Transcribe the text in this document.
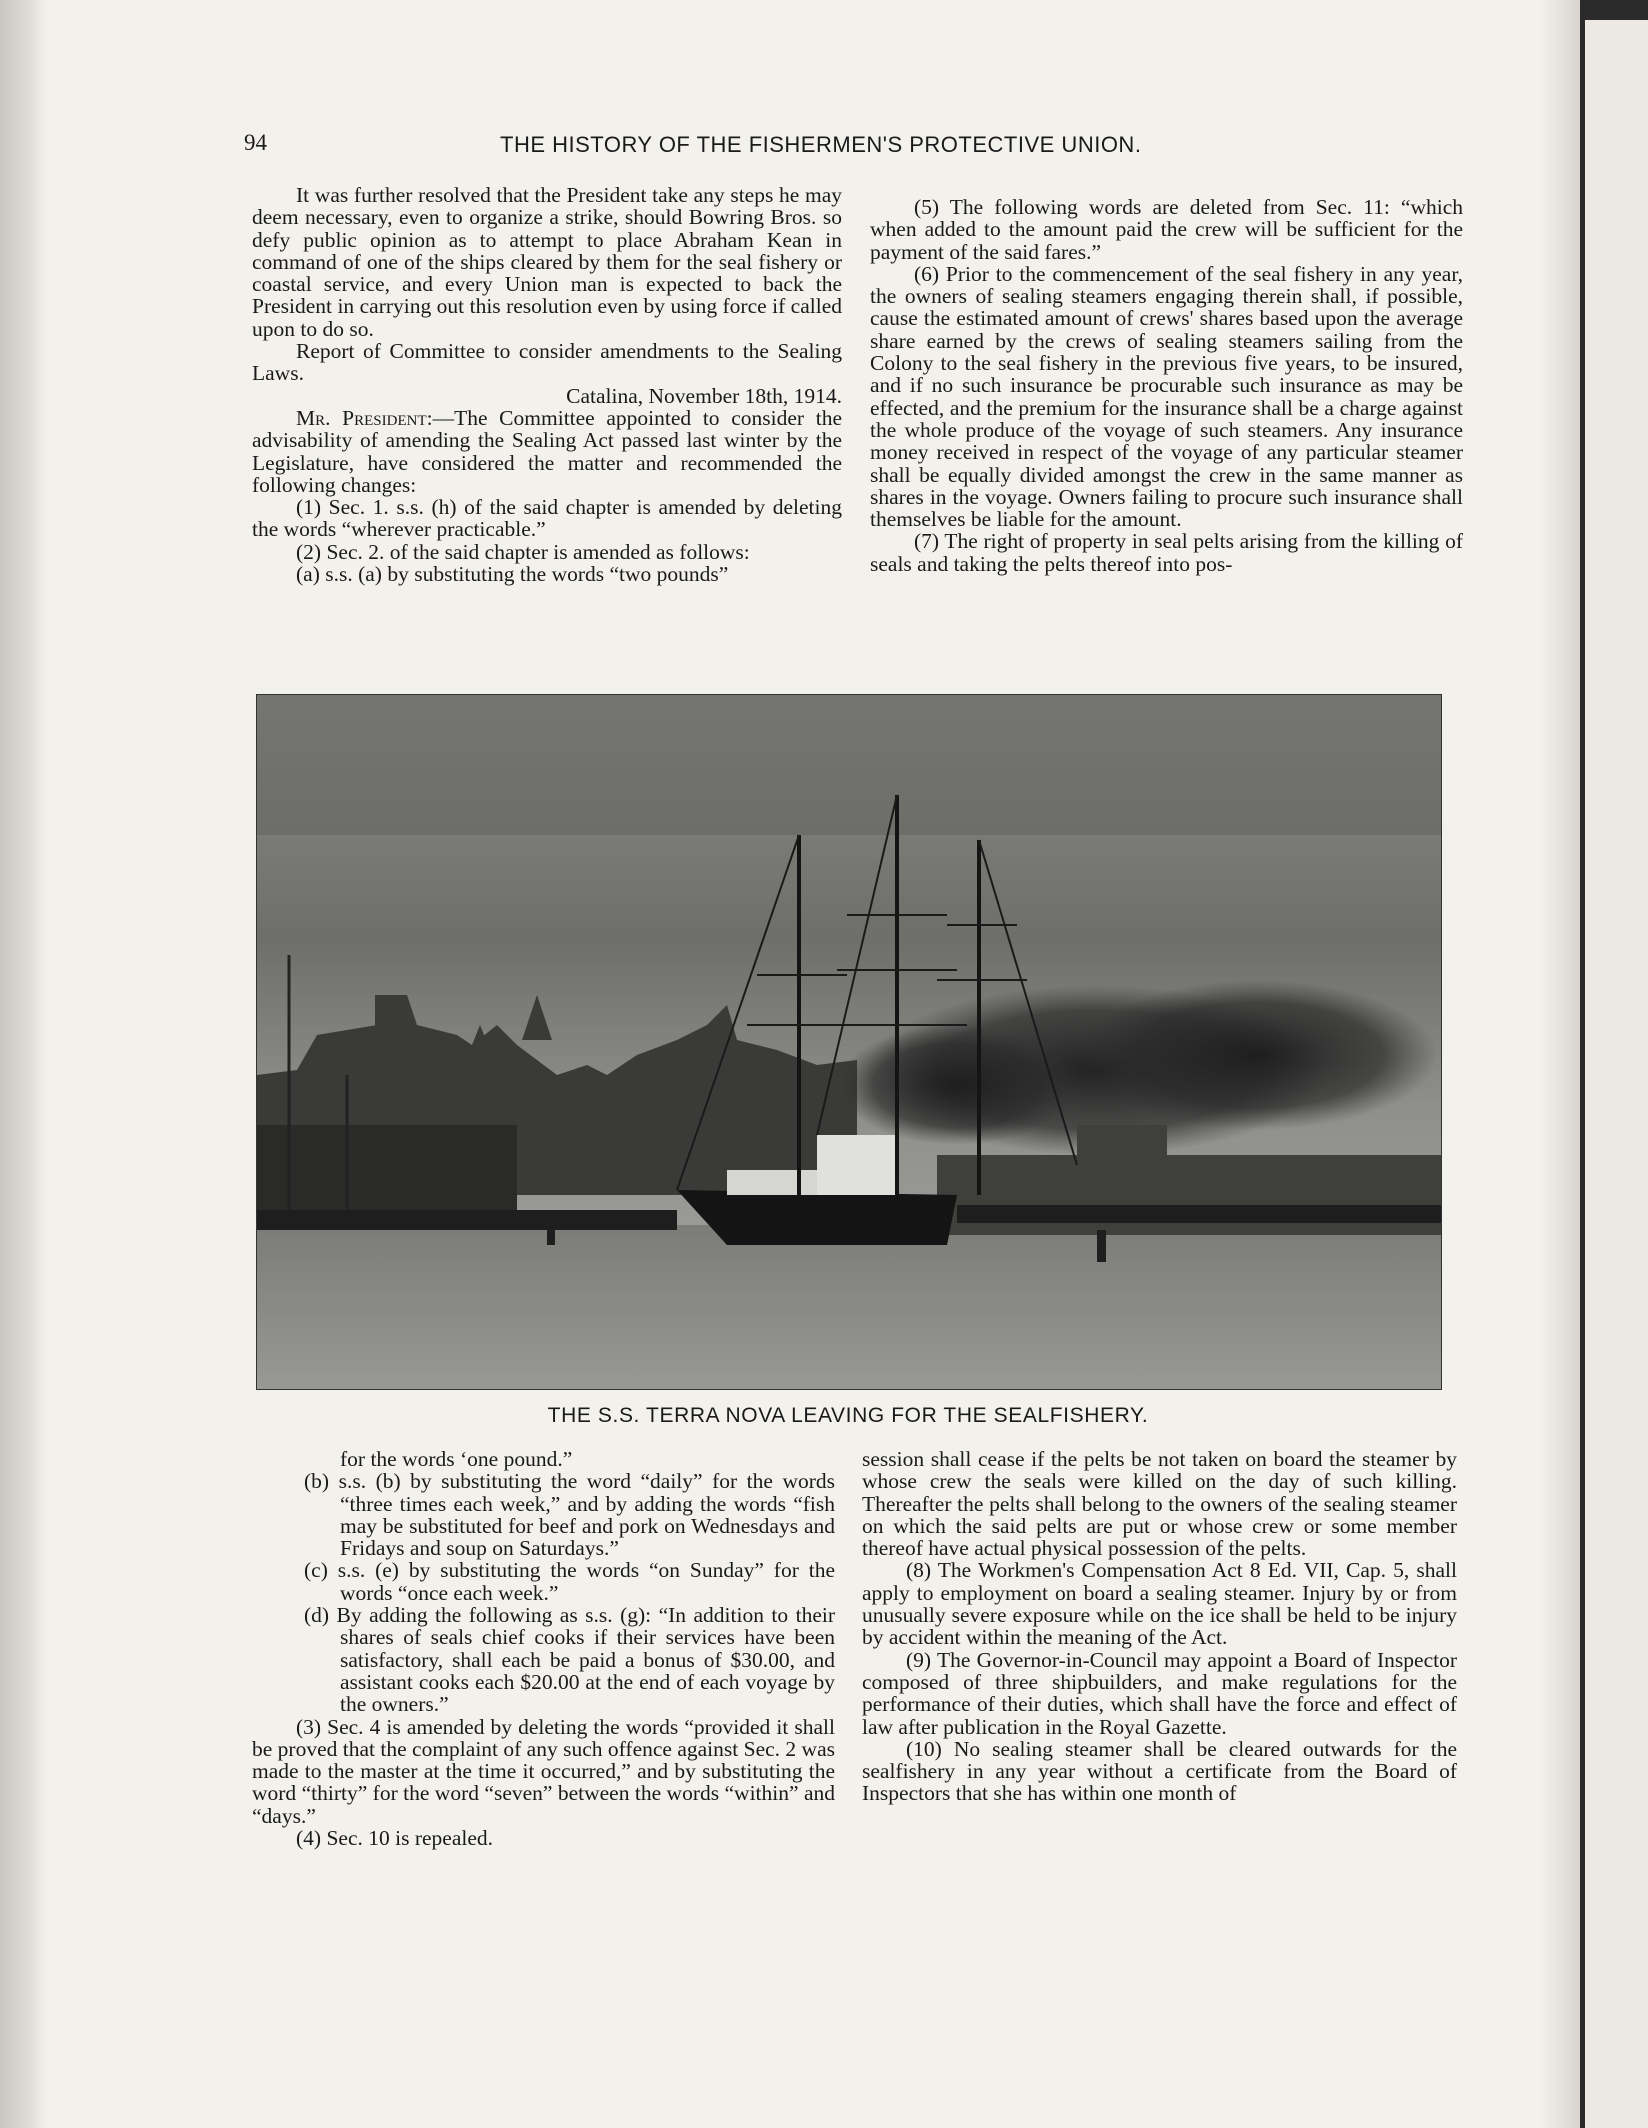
94	THE HISTORY OF THE FISHERMEN'S PROTECTIVE UNION.

It was further resolved that the President take any steps he may deem necessary, even to organize a strike, should Bowring Bros. so defy public opinion as to attempt to place Abraham Kean in command of one of the ships cleared by them for the seal fishery or coastal service, and every Union man is expected to back the President in carrying out this resolution even by using force if called upon to do so.

Report of Committee to consider amendments to the Sealing Laws.

Catalina, November 18th, 1914.

Mr. President:—The Committee appointed to consider the advisability of amending the Sealing Act passed last winter by the Legislature, have considered the matter and recommended the following changes:

(1) Sec. 1. s.s. (h) of the said chapter is amended by deleting the words “wherever practicable.”

(2) Sec. 2. of the said chapter is amended as follows:

(a) s.s. (a) by substituting the words “two pounds”

(5) The following words are deleted from Sec. 11: “which when added to the amount paid the crew will be sufficient for the payment of the said fares.”

(6) Prior to the commencement of the seal fishery in any year, the owners of sealing steamers engaging therein shall, if possible, cause the estimated amount of crews' shares based upon the average share earned by the crews of sealing steamers sailing from the Colony to the seal fishery in the previous five years, to be insured, and if no such insurance be procurable such insurance as may be effected, and the premium for the insurance shall be a charge against the whole produce of the voyage of such steamers. Any insurance money received in respect of the voyage of any particular steamer shall be equally divided amongst the crew in the same manner as shares in the voyage. Owners failing to procure such insurance shall themselves be liable for the amount.

(7) The right of property in seal pelts arising from the killing of seals and taking the pelts thereof into pos-

THE S.S. TERRA NOVA LEAVING FOR THE SEALFISHERY.

for the words ‘one pound.”

(b) s.s. (b) by substituting the word “daily” for the words “three times each week,” and by adding the words “fish may be substituted for beef and pork on Wednesdays and Fridays and soup on Saturdays.”

(c) s.s. (e) by substituting the words “on Sunday” for the words “once each week.”

(d) By adding the following as s.s. (g): “In addition to their shares of seals chief cooks if their services have been satisfactory, shall each be paid a bonus of $30.00, and assistant cooks each $20.00 at the end of each voyage by the owners.”

(3) Sec. 4 is amended by deleting the words “provided it shall be proved that the complaint of any such offence against Sec. 2 was made to the master at the time it occurred,” and by substituting the word “thirty” for the word “seven” between the words “within” and “days.”

(4) Sec. 10 is repealed.

session shall cease if the pelts be not taken on board the steamer by whose crew the seals were killed on the day of such killing. Thereafter the pelts shall belong to the owners of the sealing steamer on which the said pelts are put or whose crew or some member thereof have actual physical possession of the pelts.

(8) The Workmen's Compensation Act 8 Ed. VII, Cap. 5, shall apply to employment on board a sealing steamer. Injury by or from unusually severe exposure while on the ice shall be held to be injury by accident within the meaning of the Act.

(9) The Governor-in-Council may appoint a Board of Inspector composed of three shipbuilders, and make regulations for the performance of their duties, which shall have the force and effect of law after publication in the Royal Gazette.

(10) No sealing steamer shall be cleared outwards for the sealfishery in any year without a certificate from the Board of Inspectors that she has within one month of
